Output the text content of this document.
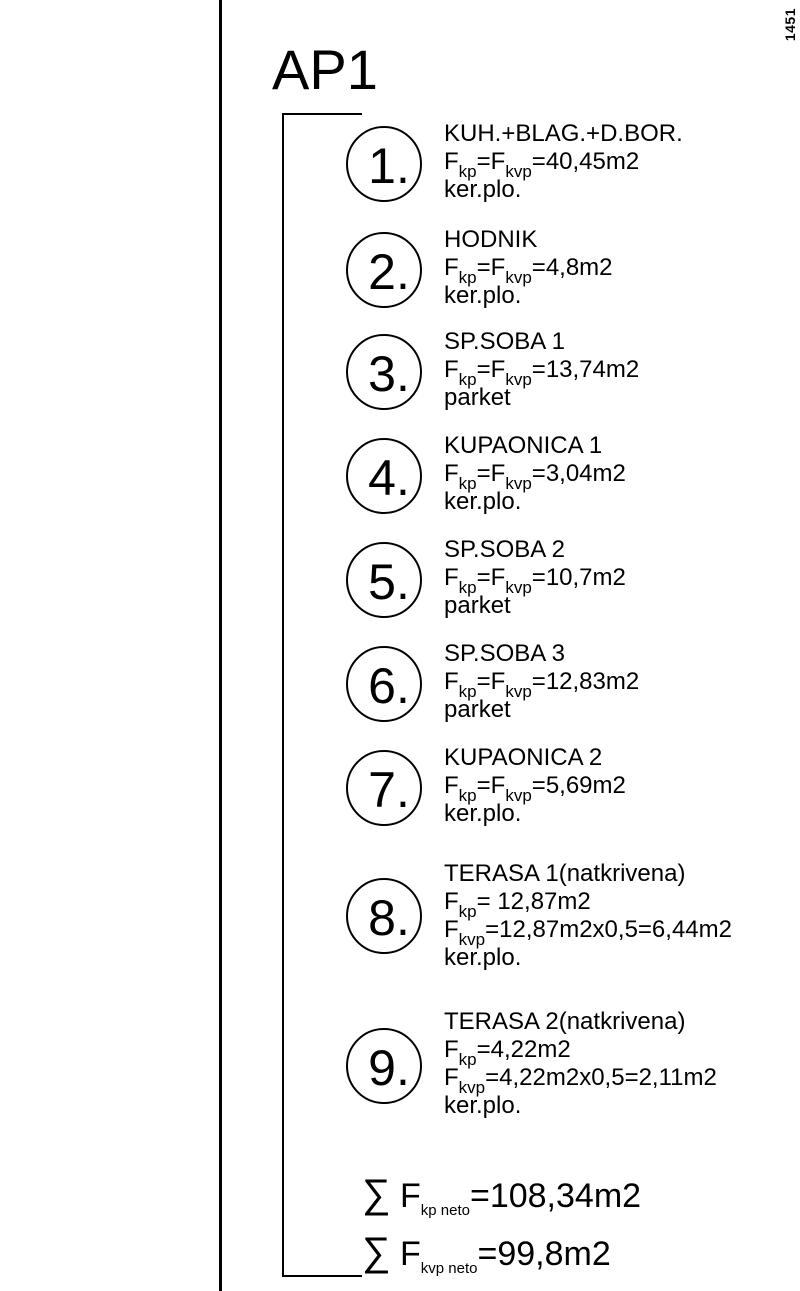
1451
AP1
1.
KUH.+BLAG.+D.BOR.
$F_{kp}=F_{kvp}=40,45m2$
ker.plo.
2.
HODNIK
$F_{kp}=F_{kvp}=4,8m2$
ker.plo.
3.
SP.SOBA 1
$F_{kp}=F_{kvp}=13,74m2$
parket
4.
KUPAONICA 1
$F_{kp}=F_{kvp}=3,04m2$
ker.plo.
5.
SP.SOBA 2
$F_{kp}=F_{kvp}=10,7m2$
parket
6.
SP.SOBA 3
$F_{kp}=F_{kvp}=12,83m2$
parket
7.
KUPAONICA 2
$F_{kp}=F_{kvp}=5,69m2$
ker.plo.
8.
TERASA 1(natkrivena)
$F_{kp}= 12,87m2$
$F_{kvp}=12,87m2x0,5=6,44m2$
ker.plo.
9.
TERASA 2(natkrivena)
$F_{kp}=4,22m2$
$F_{kvp}=4,22m2x0,5=2,11m2$
ker.plo.
∑ $F_{kp neto}=108,34m2$
∑ $F_{kvp neto}=99,8m2$
